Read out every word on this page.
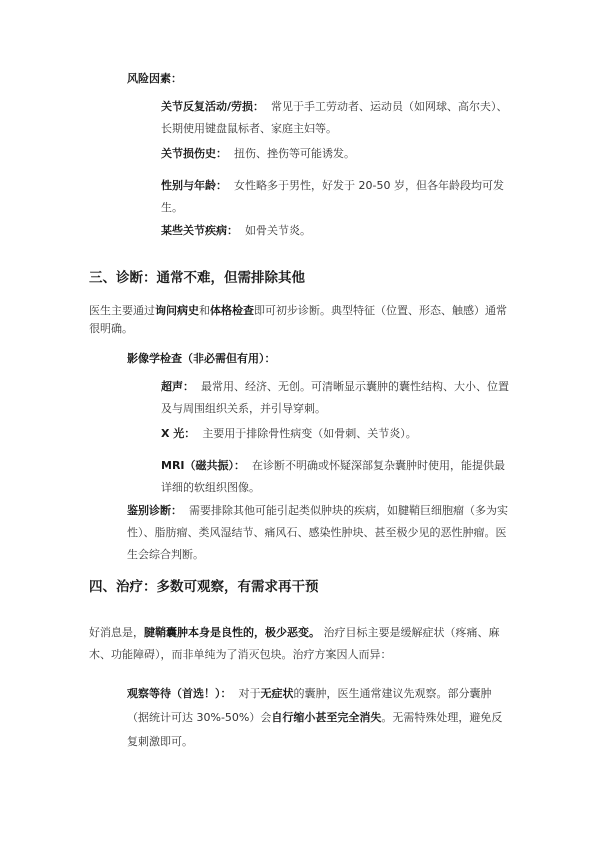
风险因素：
关节反复活动/劳损： 常见于手工劳动者、运动员（如网球、高尔夫）、长期使用键盘鼠标者、家庭主妇等。
关节损伤史： 扭伤、挫伤等可能诱发。
性别与年龄： 女性略多于男性，好发于 20-50 岁，但各年龄段均可发生。
某些关节疾病： 如骨关节炎。
三、诊断：通常不难，但需排除其他
医生主要通过询问病史和体格检查即可初步诊断。典型特征（位置、形态、触感）通常很明确。
影像学检查（非必需但有用）：
超声： 最常用、经济、无创。可清晰显示囊肿的囊性结构、大小、位置及与周围组织关系，并引导穿刺。
X 光： 主要用于排除骨性病变（如骨刺、关节炎）。
MRI（磁共振）： 在诊断不明确或怀疑深部复杂囊肿时使用，能提供最详细的软组织图像。
鉴别诊断： 需要排除其他可能引起类似肿块的疾病，如腱鞘巨细胞瘤（多为实性）、脂肪瘤、类风湿结节、痛风石、感染性肿块、甚至极少见的恶性肿瘤。医生会综合判断。
四、治疗：多数可观察，有需求再干预
好消息是，腱鞘囊肿本身是良性的，极少恶变。 治疗目标主要是缓解症状（疼痛、麻木、功能障碍），而非单纯为了消灭包块。治疗方案因人而异：
观察等待（首选！）： 对于无症状的囊肿，医生通常建议先观察。部分囊肿（据统计可达 30%-50%）会自行缩小甚至完全消失。无需特殊处理，避免反复刺激即可。
